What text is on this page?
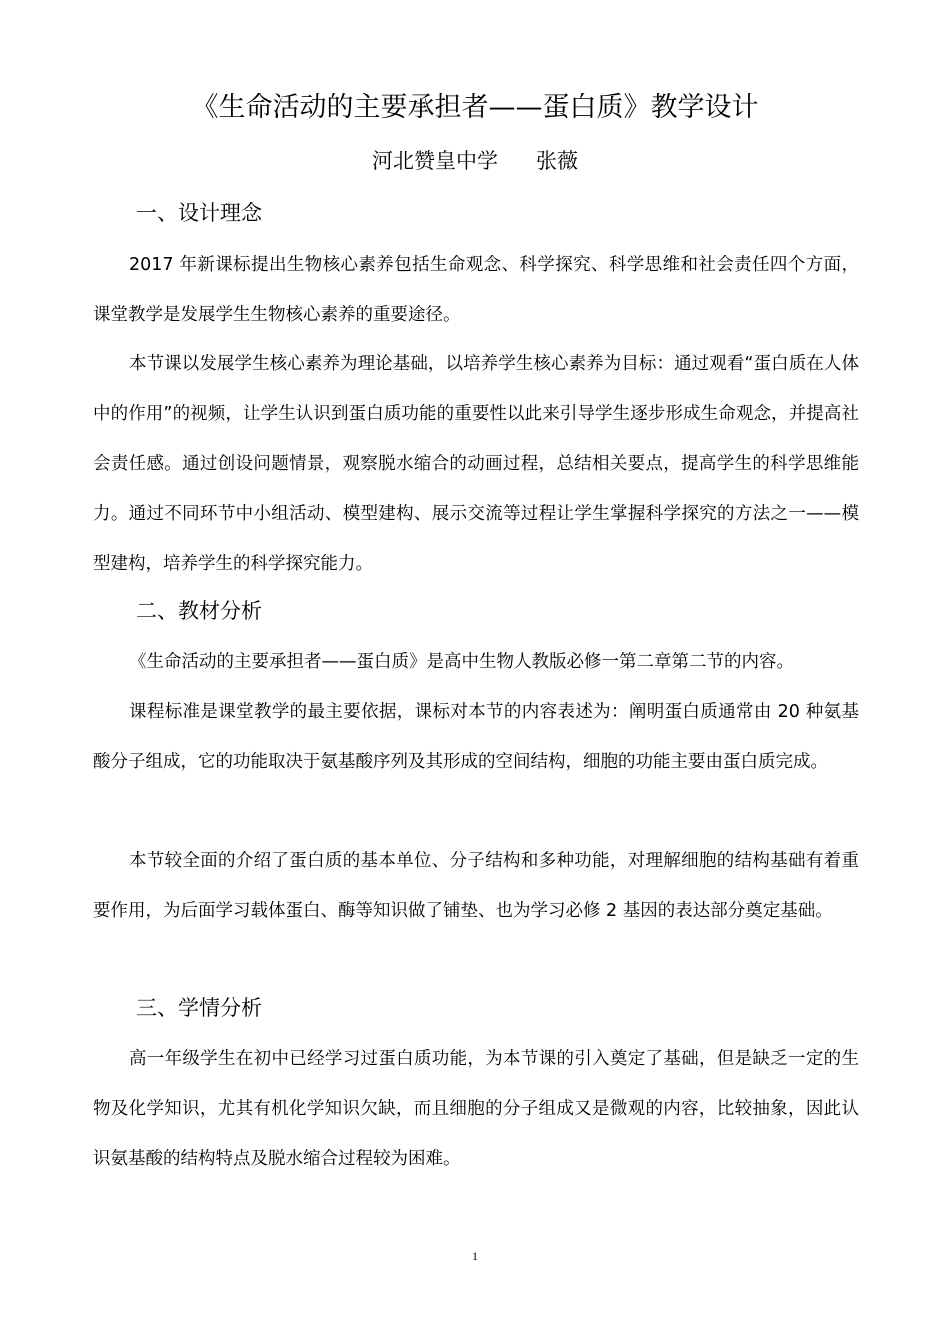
《生命活动的主要承担者——蛋白质》教学设计
河北赞皇中学 张薇
一、设计理念

2017 年新课标提出生物核心素养包括生命观念、科学探究、科学思维和社会责任四个方面，课堂教学是发展学生生物核心素养的重要途径。

本节课以发展学生核心素养为理论基础，以培养学生核心素养为目标：通过观看“蛋白质在人体中的作用”的视频，让学生认识到蛋白质功能的重要性以此来引导学生逐步形成生命观念，并提高社会责任感。通过创设问题情景，观察脱水缩合的动画过程，总结相关要点，提高学生的科学思维能力。通过不同环节中小组活动、模型建构、展示交流等过程让学生掌握科学探究的方法之一——模型建构，培养学生的科学探究能力。

二、教材分析

《生命活动的主要承担者——蛋白质》是高中生物人教版必修一第二章第二节的内容。

课程标准是课堂教学的最主要依据，课标对本节的内容表述为：阐明蛋白质通常由 20 种氨基酸分子组成，它的功能取决于氨基酸序列及其形成的空间结构，细胞的功能主要由蛋白质完成。

本节较全面的介绍了蛋白质的基本单位、分子结构和多种功能，对理解细胞的结构基础有着重要作用，为后面学习载体蛋白、酶等知识做了铺垫、也为学习必修 2 基因的表达部分奠定基础。

三、学情分析

高一年级学生在初中已经学习过蛋白质功能，为本节课的引入奠定了基础，但是缺乏一定的生物及化学知识，尤其有机化学知识欠缺，而且细胞的分子组成又是微观的内容，比较抽象，因此认识氨基酸的结构特点及脱水缩合过程较为困难。

1
